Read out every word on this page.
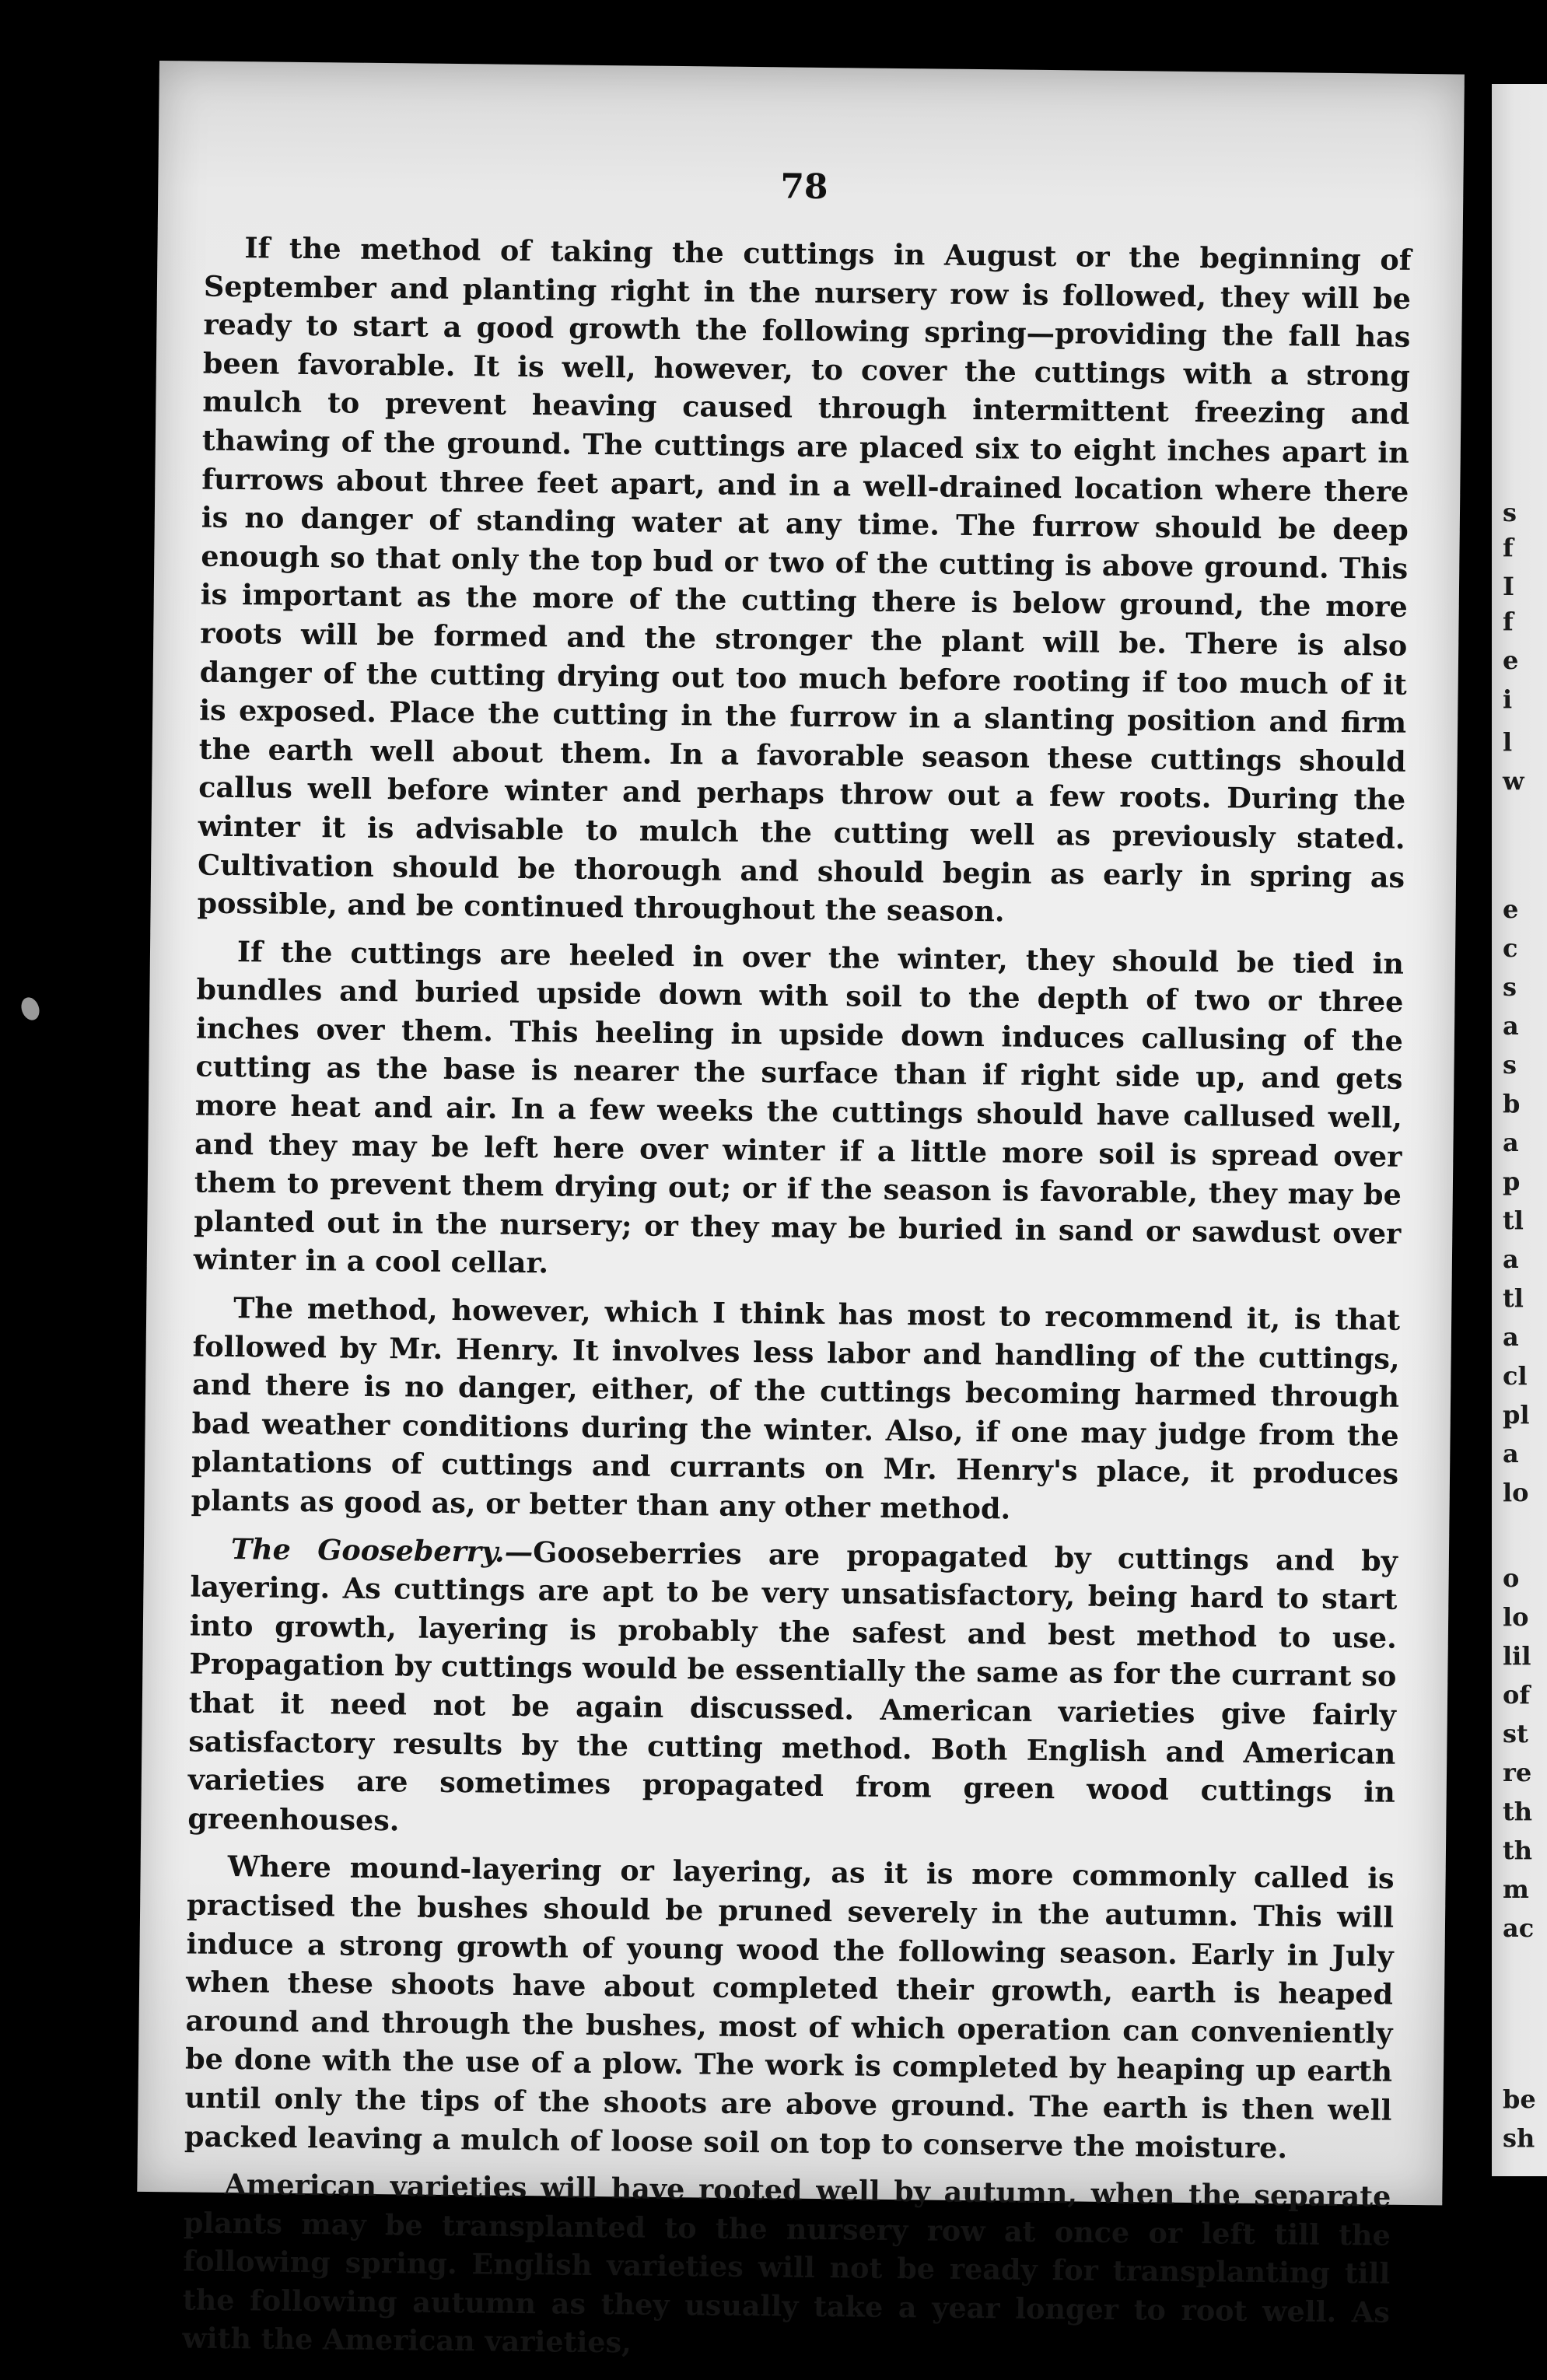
78

If the method of taking the cuttings in August or the beginning of September and planting right in the nursery row is followed, they will be ready to start a good growth the following spring—providing the fall has been favorable. It is well, however, to cover the cuttings with a strong mulch to prevent heaving caused through intermittent freezing and thawing of the ground. The cuttings are placed six to eight inches apart in furrows about three feet apart, and in a well-drained location where there is no danger of standing water at any time. The furrow should be deep enough so that only the top bud or two of the cutting is above ground. This is important as the more of the cutting there is below ground, the more roots will be formed and the stronger the plant will be. There is also danger of the cutting drying out too much before rooting if too much of it is exposed. Place the cutting in the furrow in a slanting position and firm the earth well about them. In a favorable season these cuttings should callus well before winter and perhaps throw out a few roots. During the winter it is advisable to mulch the cutting well as previously stated. Cultivation should be thorough and should begin as early in spring as possible, and be continued throughout the season.

If the cuttings are heeled in over the winter, they should be tied in bundles and buried upside down with soil to the depth of two or three inches over them. This heeling in upside down induces callusing of the cutting as the base is nearer the surface than if right side up, and gets more heat and air. In a few weeks the cuttings should have callused well, and they may be left here over winter if a little more soil is spread over them to prevent them drying out; or if the season is favorable, they may be planted out in the nursery; or they may be buried in sand or sawdust over winter in a cool cellar.

The method, however, which I think has most to recommend it, is that followed by Mr. Henry. It involves less labor and handling of the cuttings, and there is no danger, either, of the cuttings becoming harmed through bad weather conditions during the winter. Also, if one may judge from the plantations of cuttings and currants on Mr. Henry's place, it produces plants as good as, or better than any other method.

The Gooseberry.—Gooseberries are propagated by cuttings and by layering. As cuttings are apt to be very unsatisfactory, being hard to start into growth, layering is probably the safest and best method to use. Propagation by cuttings would be essentially the same as for the currant so that it need not be again discussed. American varieties give fairly satisfactory results by the cutting method. Both English and American varieties are sometimes propagated from green wood cuttings in greenhouses.

Where mound-layering or layering, as it is more commonly called is practised the bushes should be pruned severely in the autumn. This will induce a strong growth of young wood the following season. Early in July when these shoots have about completed their growth, earth is heaped around and through the bushes, most of which operation can conveniently be done with the use of a plow. The work is completed by heaping up earth until only the tips of the shoots are above ground. The earth is then well packed leaving a mulch of loose soil on top to conserve the moisture.

American varieties will have rooted well by autumn, when the separate plants may be transplanted to the nursery row at once or left till the following spring. English varieties will not be ready for transplanting till the following autumn as they usually take a year longer to root well. As with the American varieties,

s
f
I
f
e
i
l
w
e
c
s
a
s
b
a
p
tl
a
tl
a
cl
pl
a
lo
o
lo
lil
of
st
re
th
th
m
ac
be
sh
